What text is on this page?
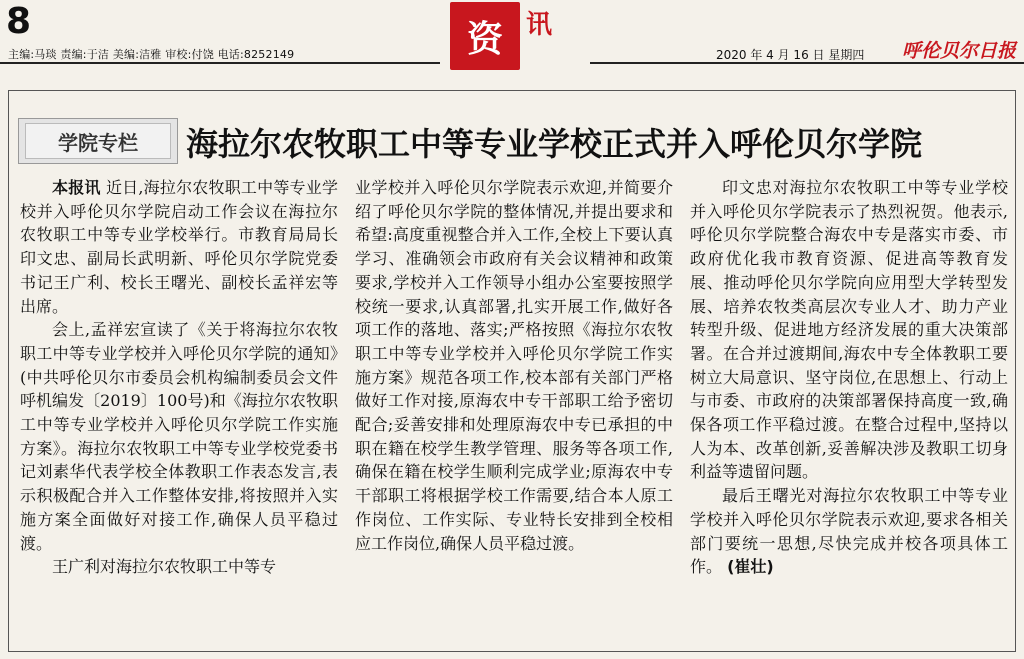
8
主编:马琰 责编:于洁 美编:洁雅 审校:付饶 电话:8252149	资 讯
2020 年 4 月 16 日 星期四 呼伦贝尔日报
学院专栏	海拉尔农牧职工中等专业学校正式并入呼伦贝尔学院

本报讯 近日,海拉尔农牧职工中等专业学校并入呼伦贝尔学院启动工作会议在海拉尔农牧职工中等专业学校举行。市教育局局长印文忠、副局长武明新、呼伦贝尔学院党委书记王广利、校长王曙光、副校长孟祥宏等出席。

会上,孟祥宏宣读了《关于将海拉尔农牧职工中等专业学校并入呼伦贝尔学院的通知》(中共呼伦贝尔市委员会机构编制委员会文件呼机编发〔2019〕100号)和《海拉尔农牧职工中等专业学校并入呼伦贝尔学院工作实施方案》。海拉尔农牧职工中等专业学校党委书记刘素华代表学校全体教职工作表态发言,表示积极配合并入工作整体安排,将按照并入实施方案全面做好对接工作,确保人员平稳过渡。

王广利对海拉尔农牧职工中等专

业学校并入呼伦贝尔学院表示欢迎,并简要介绍了呼伦贝尔学院的整体情况,并提出要求和希望:高度重视整合并入工作,全校上下要认真学习、准确领会市政府有关会议精神和政策要求,学校并入工作领导小组办公室要按照学校统一要求,认真部署,扎实开展工作,做好各项工作的落地、落实;严格按照《海拉尔农牧职工中等专业学校并入呼伦贝尔学院工作实施方案》规范各项工作,校本部有关部门严格做好工作对接,原海农中专干部职工给予密切配合;妥善安排和处理原海农中专已承担的中职在籍在校学生教学管理、服务等各项工作,确保在籍在校学生顺利完成学业;原海农中专干部职工将根据学校工作需要,结合本人原工作岗位、工作实际、专业特长安排到全校相应工作岗位,确保人员平稳过渡。

印文忠对海拉尔农牧职工中等专业学校并入呼伦贝尔学院表示了热烈祝贺。他表示,呼伦贝尔学院整合海农中专是落实市委、市政府优化我市教育资源、促进高等教育发展、推动呼伦贝尔学院向应用型大学转型发展、培养农牧类高层次专业人才、助力产业转型升级、促进地方经济发展的重大决策部署。在合并过渡期间,海农中专全体教职工要树立大局意识、坚守岗位,在思想上、行动上与市委、市政府的决策部署保持高度一致,确保各项工作平稳过渡。在整合过程中,坚持以人为本、改革创新,妥善解决涉及教职工切身利益等遗留问题。

最后王曙光对海拉尔农牧职工中等专业学校并入呼伦贝尔学院表示欢迎,要求各相关部门要统一思想,尽快完成并校各项具体工作。 (崔壮)
